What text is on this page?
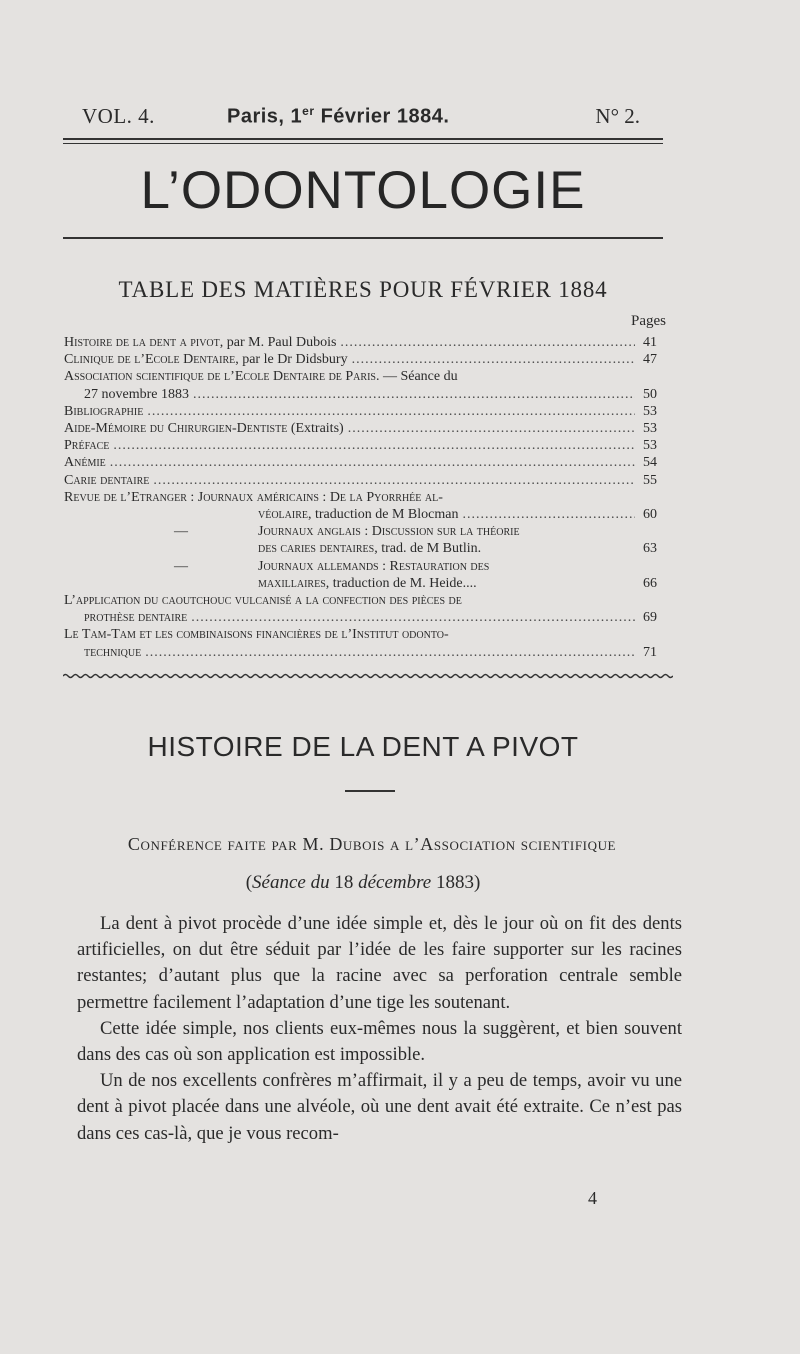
VOL. 4.	Paris, 1er Février 1884.	N° 2.
L’ODONTOLOGIE
TABLE DES MATIÈRES POUR FÉVRIER 1884
Pages
Histoire de la dent a pivot, par M. Paul Dubois .....	41
Clinique de l’Ecole Dentaire, par le Dr Didsbury .....	47
Association scientifique de l’Ecole Dentaire de Paris. — Séance du
27 novembre 1883 .....	50
Bibliographie .....	53
Aide-Mémoire du Chirurgien-Dentiste (Extraits) .....	53
Préface .....	53
Anémie .....	54
Carie dentaire .....	55
Revue de l’Etranger : Journaux américains : De la Pyorrhée al-
véolaire, traduction de M Blocman .....	60
—	Journaux anglais : Discussion sur la théorie
des caries dentaires, trad. de M Butlin.	63
—	Journaux allemands : Restauration des
maxillaires, traduction de M. Heide....	66
L’application du caoutchouc vulcanisé a la confection des pièces de
prothèse dentaire .....	69
Le Tam-Tam et les combinaisons financières de l’Institut odonto-
technique .....	71
HISTOIRE DE LA DENT A PIVOT
Conférence faite par M. Dubois a l’Association scientifique
(Séance du 18 décembre 1883)

La dent à pivot procède d’une idée simple et, dès le jour où on fit des dents artificielles, on dut être séduit par l’idée de les faire supporter sur les racines restantes; d’autant plus que la racine avec sa perforation centrale semble permettre facilement l’adaptation d’une tige les soutenant.

Cette idée simple, nos clients eux-mêmes nous la suggèrent, et bien souvent dans des cas où son application est impossible.

Un de nos excellents confrères m’affirmait, il y a peu de temps, avoir vu une dent à pivot placée dans une alvéole, où une dent avait été extraite. Ce n’est pas dans ces cas-là, que je vous recom-

4
